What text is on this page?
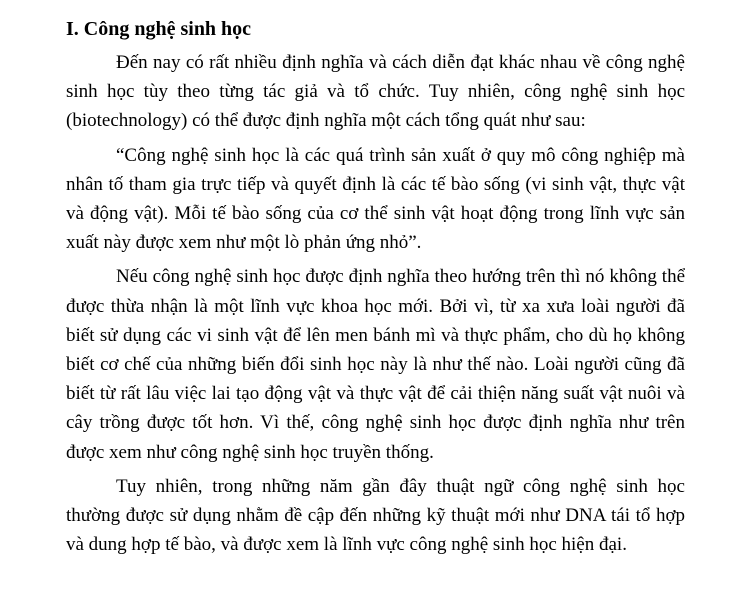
I. Công nghệ sinh học

Đến nay có rất nhiều định nghĩa và cách diễn đạt khác nhau về công nghệ sinh học tùy theo từng tác giả và tổ chức. Tuy nhiên, công nghệ sinh học (biotechnology) có thể được định nghĩa một cách tổng quát như sau:

“Công nghệ sinh học là các quá trình sản xuất ở quy mô công nghiệp mà nhân tố tham gia trực tiếp và quyết định là các tế bào sống (vi sinh vật, thực vật và động vật). Mỗi tế bào sống của cơ thể sinh vật hoạt động trong lĩnh vực sản xuất này được xem như một lò phản ứng nhỏ”.

Nếu công nghệ sinh học được định nghĩa theo hướng trên thì nó không thể được thừa nhận là một lĩnh vực khoa học mới. Bởi vì, từ xa xưa loài người đã biết sử dụng các vi sinh vật để lên men bánh mì và thực phẩm, cho dù họ không biết cơ chế của những biến đổi sinh học này là như thế nào. Loài người cũng đã biết từ rất lâu việc lai tạo động vật và thực vật để cải thiện năng suất vật nuôi và cây trồng được tốt hơn. Vì thế, công nghệ sinh học được định nghĩa như trên được xem như công nghệ sinh học truyền thống.

Tuy nhiên, trong những năm gần đây thuật ngữ công nghệ sinh học thường được sử dụng nhằm đề cập đến những kỹ thuật mới như DNA tái tổ hợp và dung hợp tế bào, và được xem là lĩnh vực công nghệ sinh học hiện đại.
